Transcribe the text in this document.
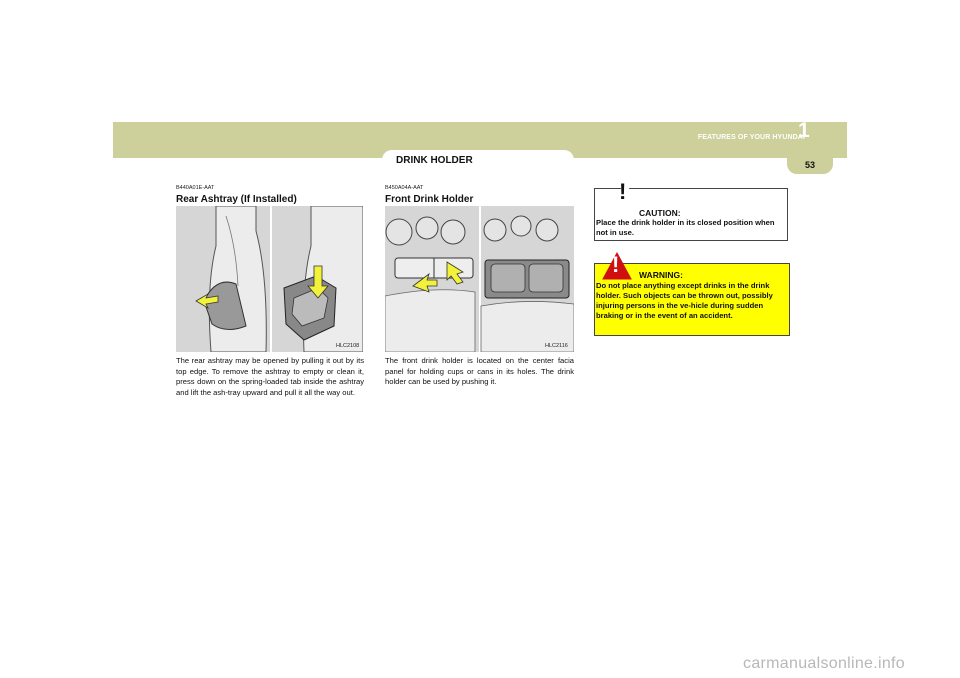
FEATURES OF YOUR HYUNDAI
1
53
DRINK HOLDER
B440A01E-AAT
Rear Ashtray (If Installed)
HLC2108
The rear ashtray may be opened by pulling it out by its top edge. To remove the ashtray to empty or clean it, press down on the spring-loaded tab inside the ashtray and lift the ash-tray upward and pull it all the way out.
B450A04A-AAT
Front Drink Holder
HLC2116
The front drink holder is located on the center facia panel for holding cups or cans in its holes. The drink holder can be used by pushing it.
!
CAUTION:
Place the drink holder in its closed position when not in use.
! WARNING:
Do not place anything except drinks in the drink holder. Such objects can be thrown out, possibly injuring persons in the ve-hicle during sudden braking or in the event of an accident.
carmanualsonline.info
